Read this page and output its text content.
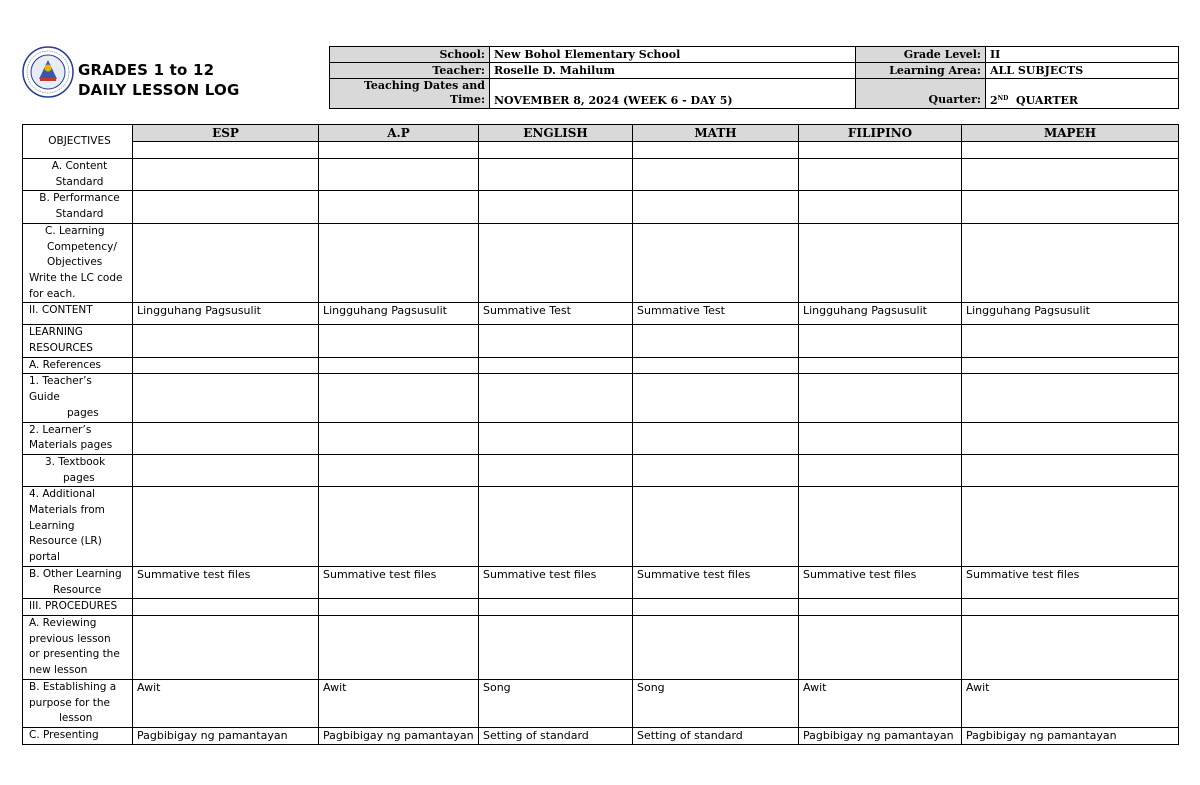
GRADES 1 to 12
DAILY LESSON LOG
School:	New Bohol Elementary School	Grade Level:	II
Teacher:	Roselle D. Mahilum	Learning Area:	ALL SUBJECTS

Teaching Dates and
Time:	NOVEMBER 8, 2024 (WEEK 6 - DAY 5)	Quarter:	2ND QUARTER
OBJECTIVES	ESP	A.P	ENGLISH	MATH	FILIPINO	MAPEH

A. Content
Standard						

B. Performance
Standard						

C. Learning
Competency/
Objectives
Write the LC code
for each.						

II. CONTENT	Lingguhang Pagsusulit	Lingguhang Pagsusulit	Summative Test	Summative Test	Lingguhang Pagsusulit	Lingguhang Pagsusulit

LEARNING
RESOURCES						

A. References						

1. Teacher’s
Guide
pages						

2. Learner’s
Materials pages						

3. Textbook
pages						

4. Additional
Materials from
Learning
Resource (LR)
portal						

B. Other Learning
Resource	Summative test files	Summative test files	Summative test files	Summative test files	Summative test files	Summative test files
III. PROCEDURES						

A. Reviewing
previous lesson
or presenting the
new lesson						

B. Establishing a
purpose for the
lesson	Awit	Awit	Song	Song	Awit	Awit
C. Presenting	Pagbibigay ng pamantayan	Pagbibigay ng pamantayan	Setting of standard	Setting of standard	Pagbibigay ng pamantayan	Pagbibigay ng pamantayan
